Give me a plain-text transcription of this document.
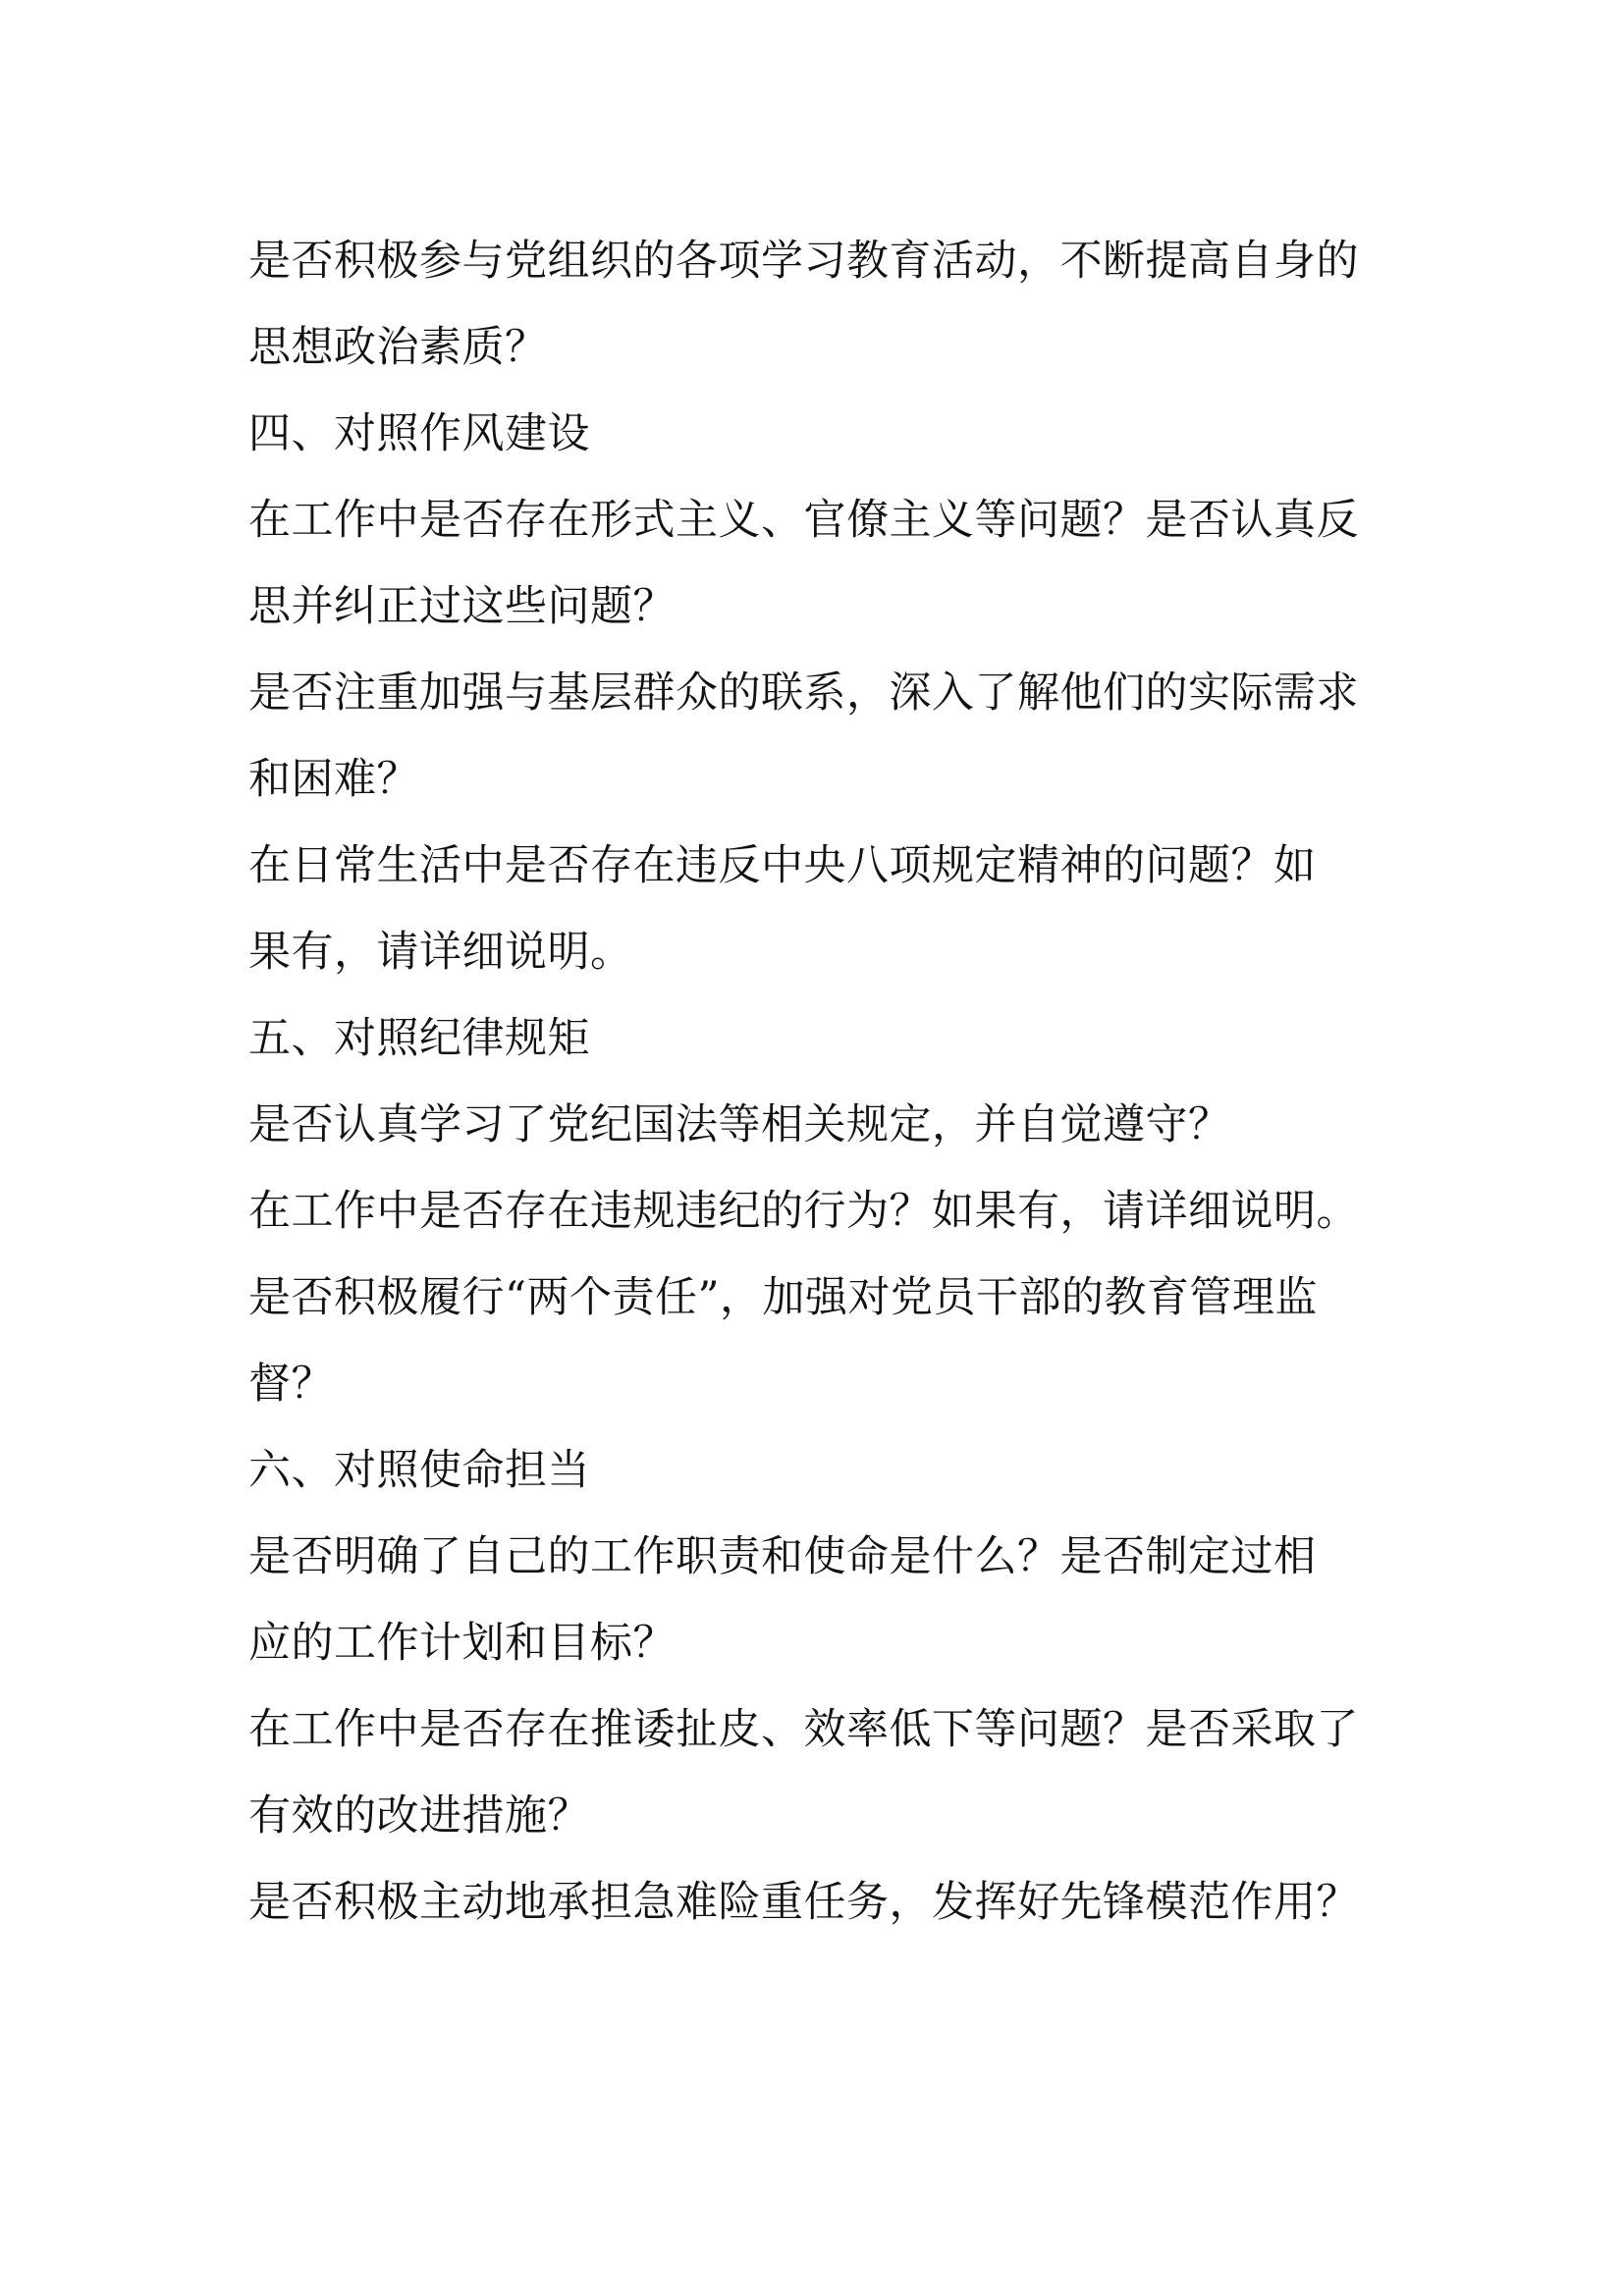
是否积极参与党组织的各项学习教育活动，不断提高自身的
思想政治素质？
四、对照作风建设
在工作中是否存在形式主义、官僚主义等问题？是否认真反
思并纠正过这些问题？
是否注重加强与基层群众的联系，深入了解他们的实际需求
和困难？
在日常生活中是否存在违反中央八项规定精神的问题？如
果有，请详细说明。
五、对照纪律规矩
是否认真学习了党纪国法等相关规定，并自觉遵守？
在工作中是否存在违规违纪的行为？如果有，请详细说明。
是否积极履行“两个责任”，加强对党员干部的教育管理监
督？
六、对照使命担当
是否明确了自己的工作职责和使命是什么？是否制定过相
应的工作计划和目标？
在工作中是否存在推诿扯皮、效率低下等问题？是否采取了
有效的改进措施？
是否积极主动地承担急难险重任务，发挥好先锋模范作用？
